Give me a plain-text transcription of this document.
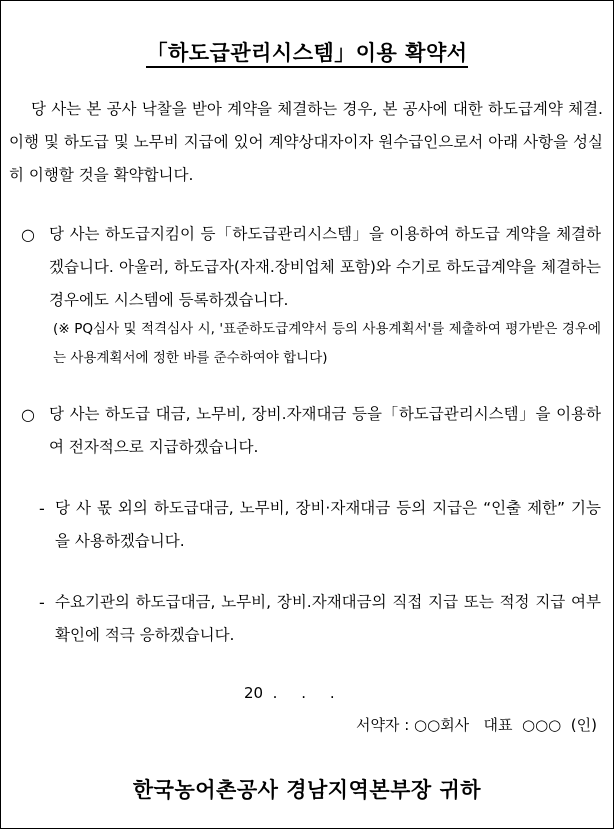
「하도급관리시스템」이용 확약서
당 사는 본 공사 낙찰을 받아 계약을 체결하는 경우, 본 공사에 대한 하도급계약 체결.이행 및 하도급 및 노무비 지급에 있어 계약상대자이자 원수급인으로서 아래 사항을 성실히 이행할 것을 확약합니다.
○ 당 사는 하도급지킴이 등「하도급관리시스템」을 이용하여 하도급 계약을 체결하겠습니다. 아울러, 하도급자(자재.장비업체 포함)와 수기로 하도급계약을 체결하는 경우에도 시스템에 등록하겠습니다.
(※ PQ심사 및 적격심사 시, '표준하도급계약서 등의 사용계획서'를 제출하여 평가받은 경우에는 사용계획서에 정한 바를 준수하여야 합니다)
○ 당 사는 하도급 대금, 노무비, 장비.자재대금 등을「하도급관리시스템」을 이용하여 전자적으로 지급하겠습니다.
- 당 사 몫 외의 하도급대금, 노무비, 장비·자재대금 등의 지급은 “인출 제한” 기능을 사용하겠습니다.
- 수요기관의 하도급대금, 노무비, 장비.자재대금의 직접 지급 또는 적정 지급 여부 확인에 적극 응하겠습니다.
20  .     .     .
서약자 : ○○회사   대표  ○○○  (인)
한국농어촌공사 경남지역본부장 귀하
